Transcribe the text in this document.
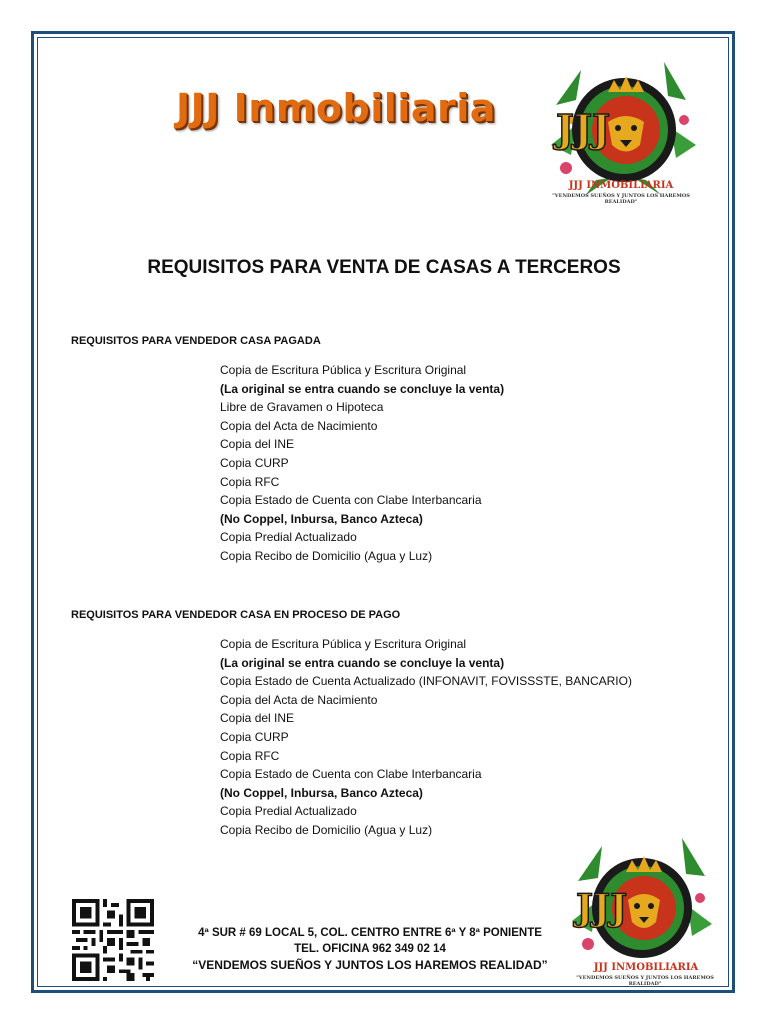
JJJ Inmobiliaria JJJ
JJJ INMOBILIARIA
"VENDEMOS SUEÑOS Y JUNTOS LOS HAREMOS REALIDAD"
REQUISITOS PARA VENTA DE CASAS A TERCEROS
REQUISITOS PARA VENDEDOR CASA PAGADA
Copia de Escritura Pública y Escritura Original
(La original se entra cuando se concluye la venta)
Libre de Gravamen o Hipoteca
Copia del Acta de Nacimiento
Copia del INE
Copia CURP
Copia RFC
Copia Estado de Cuenta con Clabe Interbancaria
(No Coppel, Inbursa, Banco Azteca)
Copia Predial Actualizado
Copia Recibo de Domicilio (Agua y Luz)
REQUISITOS PARA VENDEDOR CASA EN PROCESO DE PAGO
Copia de Escritura Pública y Escritura Original
(La original se entra cuando se concluye la venta)
Copia Estado de Cuenta Actualizado (INFONAVIT, FOVISSSTE, BANCARIO)
Copia del Acta de Nacimiento
Copia del INE
Copia CURP
Copia RFC
Copia Estado de Cuenta con Clabe Interbancaria
(No Coppel, Inbursa, Banco Azteca)
Copia Predial Actualizado
Copia Recibo de Domicilio (Agua y Luz)
4ª SUR # 69 LOCAL 5, COL. CENTRO ENTRE 6ª Y 8ª PONIENTE
TEL. OFICINA 962 349 02 14
“VENDEMOS SUEÑOS Y JUNTOS LOS HAREMOS REALIDAD”
JJJ
JJJ INMOBILIARIA
"VENDEMOS SUEÑOS Y JUNTOS LOS HAREMOS REALIDAD"
